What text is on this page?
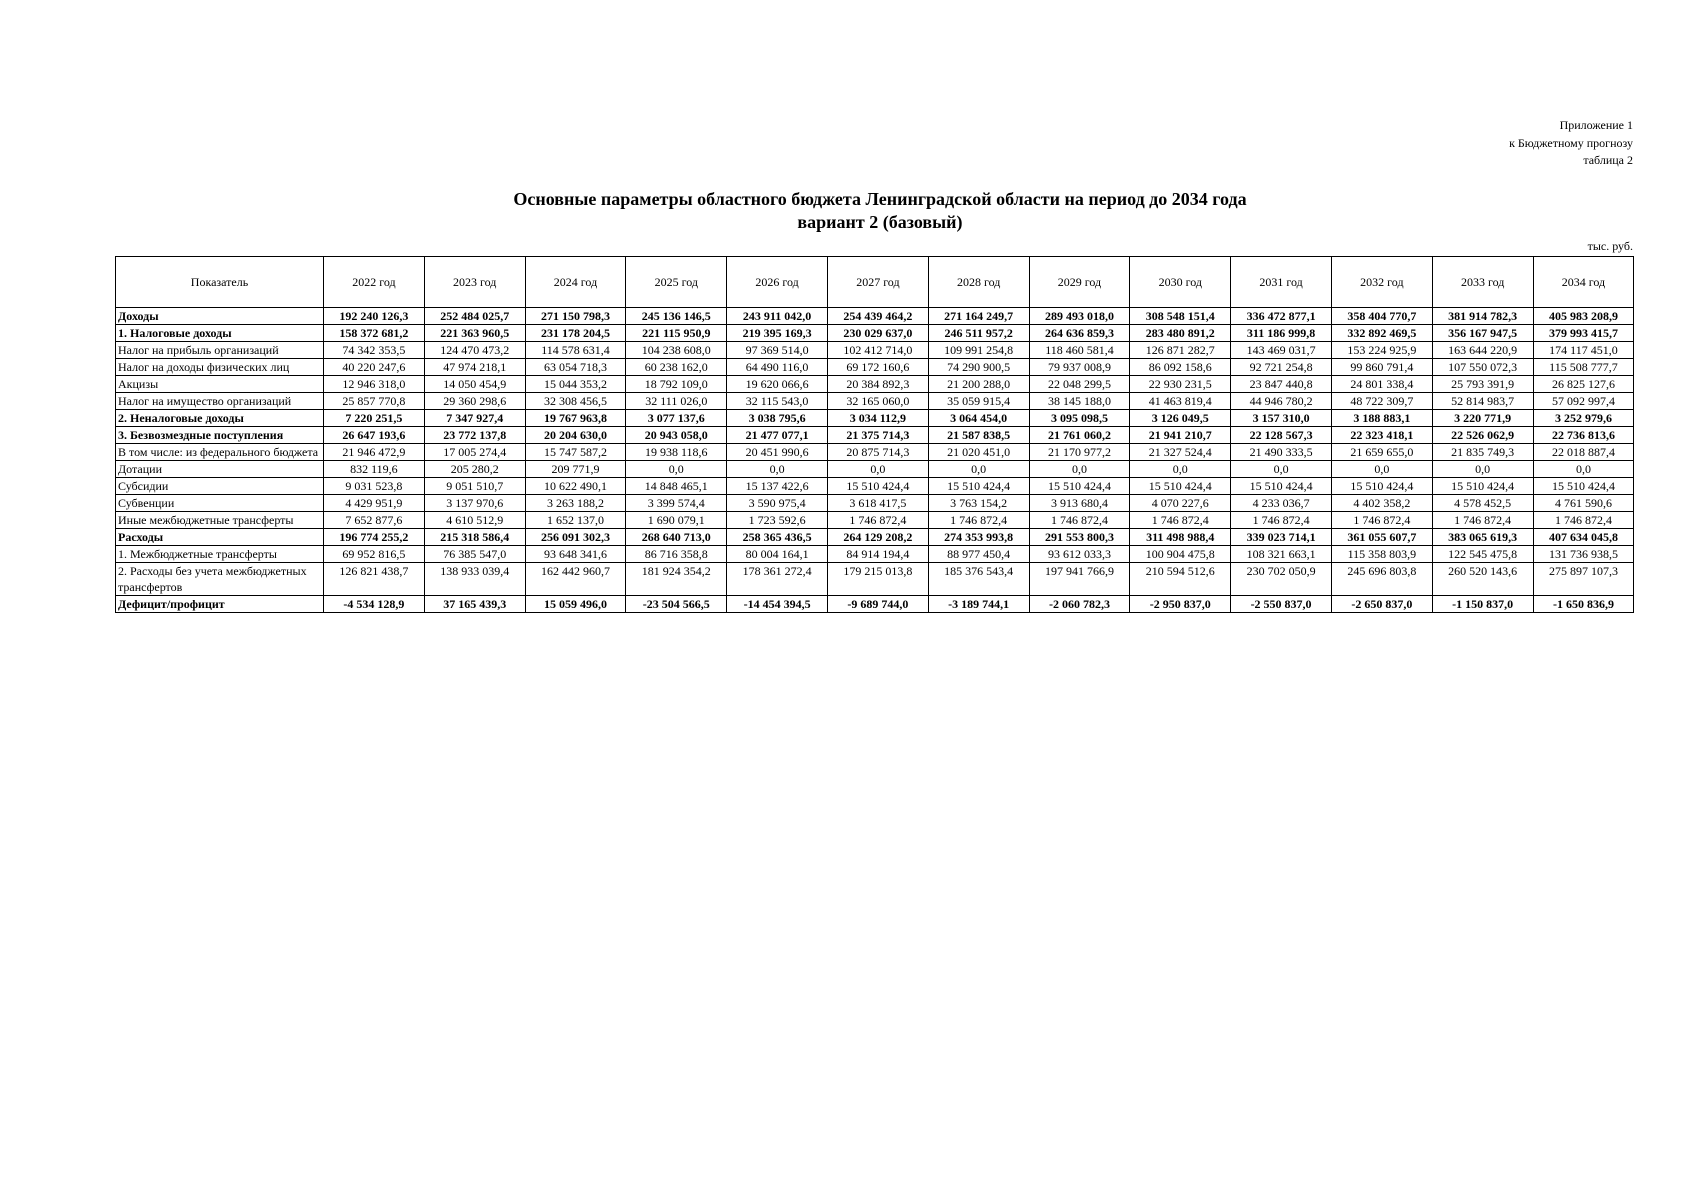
Приложение 1
к Бюджетному прогнозу
таблица 2
Основные параметры областного бюджета Ленинградской области на период до 2034 года
вариант 2 (базовый)
тыс. руб.
Показатель	2022 год	2023 год	2024 год	2025 год	2026 год	2027 год	2028 год	2029 год	2030 год	2031 год	2032 год	2033 год	2034 год
Доходы	192 240 126,3	252 484 025,7	271 150 798,3	245 136 146,5	243 911 042,0	254 439 464,2	271 164 249,7	289 493 018,0	308 548 151,4	336 472 877,1	358 404 770,7	381 914 782,3	405 983 208,9
1. Налоговые доходы	158 372 681,2	221 363 960,5	231 178 204,5	221 115 950,9	219 395 169,3	230 029 637,0	246 511 957,2	264 636 859,3	283 480 891,2	311 186 999,8	332 892 469,5	356 167 947,5	379 993 415,7
Налог на прибыль организаций	74 342 353,5	124 470 473,2	114 578 631,4	104 238 608,0	97 369 514,0	102 412 714,0	109 991 254,8	118 460 581,4	126 871 282,7	143 469 031,7	153 224 925,9	163 644 220,9	174 117 451,0
Налог на доходы физических лиц	40 220 247,6	47 974 218,1	63 054 718,3	60 238 162,0	64 490 116,0	69 172 160,6	74 290 900,5	79 937 008,9	86 092 158,6	92 721 254,8	99 860 791,4	107 550 072,3	115 508 777,7
Акцизы	12 946 318,0	14 050 454,9	15 044 353,2	18 792 109,0	19 620 066,6	20 384 892,3	21 200 288,0	22 048 299,5	22 930 231,5	23 847 440,8	24 801 338,4	25 793 391,9	26 825 127,6
Налог на имущество организаций	25 857 770,8	29 360 298,6	32 308 456,5	32 111 026,0	32 115 543,0	32 165 060,0	35 059 915,4	38 145 188,0	41 463 819,4	44 946 780,2	48 722 309,7	52 814 983,7	57 092 997,4
2. Неналоговые доходы	7 220 251,5	7 347 927,4	19 767 963,8	3 077 137,6	3 038 795,6	3 034 112,9	3 064 454,0	3 095 098,5	3 126 049,5	3 157 310,0	3 188 883,1	3 220 771,9	3 252 979,6
3. Безвозмездные поступления	26 647 193,6	23 772 137,8	20 204 630,0	20 943 058,0	21 477 077,1	21 375 714,3	21 587 838,5	21 761 060,2	21 941 210,7	22 128 567,3	22 323 418,1	22 526 062,9	22 736 813,6
В том числе: из федерального бюджета	21 946 472,9	17 005 274,4	15 747 587,2	19 938 118,6	20 451 990,6	20 875 714,3	21 020 451,0	21 170 977,2	21 327 524,4	21 490 333,5	21 659 655,0	21 835 749,3	22 018 887,4
Дотации	832 119,6	205 280,2	209 771,9	0,0	0,0	0,0	0,0	0,0	0,0	0,0	0,0	0,0	0,0
Субсидии	9 031 523,8	9 051 510,7	10 622 490,1	14 848 465,1	15 137 422,6	15 510 424,4	15 510 424,4	15 510 424,4	15 510 424,4	15 510 424,4	15 510 424,4	15 510 424,4	15 510 424,4
Субвенции	4 429 951,9	3 137 970,6	3 263 188,2	3 399 574,4	3 590 975,4	3 618 417,5	3 763 154,2	3 913 680,4	4 070 227,6	4 233 036,7	4 402 358,2	4 578 452,5	4 761 590,6
Иные межбюджетные трансферты	7 652 877,6	4 610 512,9	1 652 137,0	1 690 079,1	1 723 592,6	1 746 872,4	1 746 872,4	1 746 872,4	1 746 872,4	1 746 872,4	1 746 872,4	1 746 872,4	1 746 872,4
Расходы	196 774 255,2	215 318 586,4	256 091 302,3	268 640 713,0	258 365 436,5	264 129 208,2	274 353 993,8	291 553 800,3	311 498 988,4	339 023 714,1	361 055 607,7	383 065 619,3	407 634 045,8
1. Межбюджетные трансферты	69 952 816,5	76 385 547,0	93 648 341,6	86 716 358,8	80 004 164,1	84 914 194,4	88 977 450,4	93 612 033,3	100 904 475,8	108 321 663,1	115 358 803,9	122 545 475,8	131 736 938,5
2. Расходы без учета межбюджетных трансфертов	126 821 438,7	138 933 039,4	162 442 960,7	181 924 354,2	178 361 272,4	179 215 013,8	185 376 543,4	197 941 766,9	210 594 512,6	230 702 050,9	245 696 803,8	260 520 143,6	275 897 107,3
Дефицит/профицит	-4 534 128,9	37 165 439,3	15 059 496,0	-23 504 566,5	-14 454 394,5	-9 689 744,0	-3 189 744,1	-2 060 782,3	-2 950 837,0	-2 550 837,0	-2 650 837,0	-1 150 837,0	-1 650 836,9
